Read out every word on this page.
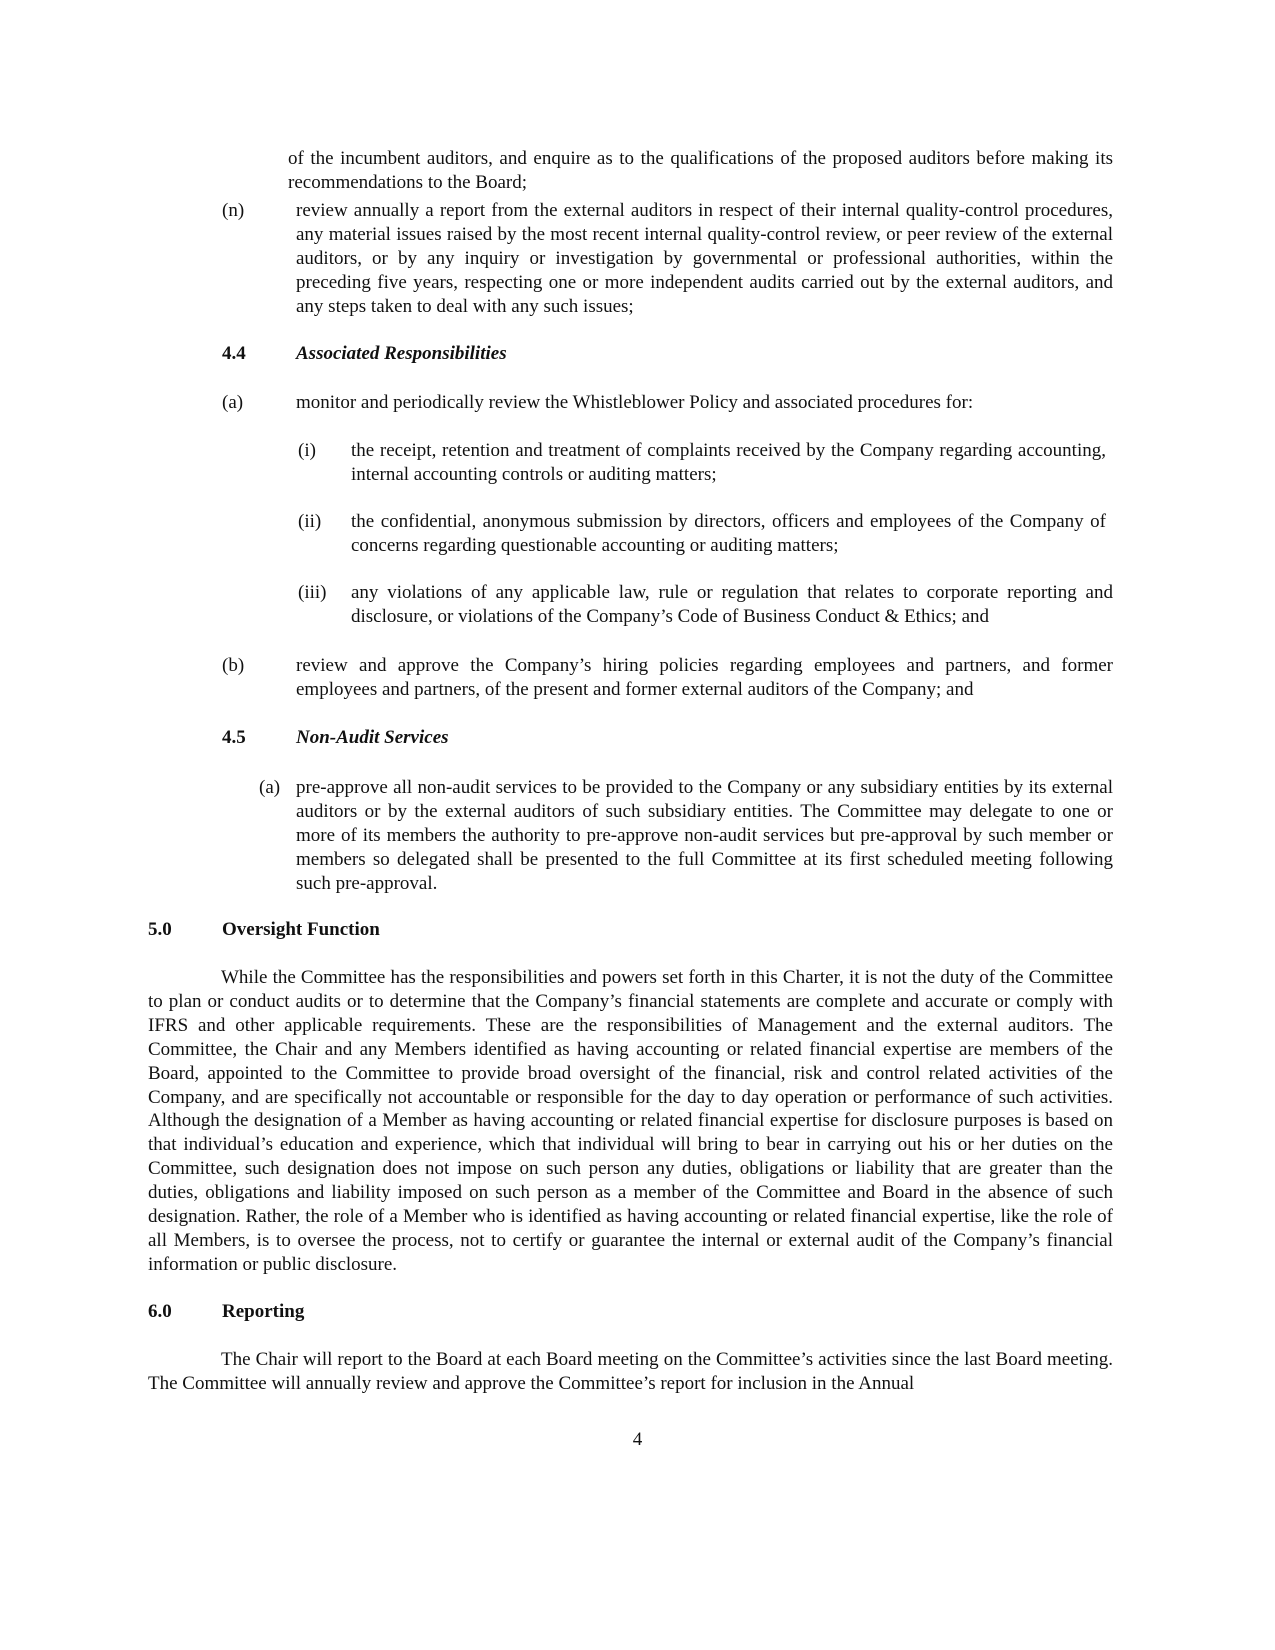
of the incumbent auditors, and enquire as to the qualifications of the proposed auditors before making its recommendations to the Board;
(n)	review annually a report from the external auditors in respect of their internal quality-control procedures, any material issues raised by the most recent internal quality-control review, or peer review of the external auditors, or by any inquiry or investigation by governmental or professional authorities, within the preceding five years, respecting one or more independent audits carried out by the external auditors, and any steps taken to deal with any such issues;
4.4	Associated Responsibilities
(a)	monitor and periodically review the Whistleblower Policy and associated procedures for:
(i) the receipt, retention and treatment of complaints received by the Company regarding accounting, internal accounting controls or auditing matters;
(ii) the confidential, anonymous submission by directors, officers and employees of the Company of concerns regarding questionable accounting or auditing matters;
(iii) any violations of any applicable law, rule or regulation that relates to corporate reporting and disclosure, or violations of the Company’s Code of Business Conduct & Ethics; and
(b)	review and approve the Company’s hiring policies regarding employees and partners, and former employees and partners, of the present and former external auditors of the Company; and
4.5	Non-Audit Services
(a) pre-approve all non-audit services to be provided to the Company or any subsidiary entities by its external auditors or by the external auditors of such subsidiary entities. The Committee may delegate to one or more of its members the authority to pre-approve non-audit services but pre-approval by such member or members so delegated shall be presented to the full Committee at its first scheduled meeting following such pre-approval.
5.0	Oversight Function
While the Committee has the responsibilities and powers set forth in this Charter, it is not the duty of the Committee to plan or conduct audits or to determine that the Company’s financial statements are complete and accurate or comply with IFRS and other applicable requirements. These are the responsibilities of Management and the external auditors. The Committee, the Chair and any Members identified as having accounting or related financial expertise are members of the Board, appointed to the Committee to provide broad oversight of the financial, risk and control related activities of the Company, and are specifically not accountable or responsible for the day to day operation or performance of such activities. Although the designation of a Member as having accounting or related financial expertise for disclosure purposes is based on that individual’s education and experience, which that individual will bring to bear in carrying out his or her duties on the Committee, such designation does not impose on such person any duties, obligations or liability that are greater than the duties, obligations and liability imposed on such person as a member of the Committee and Board in the absence of such designation. Rather, the role of a Member who is identified as having accounting or related financial expertise, like the role of all Members, is to oversee the process, not to certify or guarantee the internal or external audit of the Company’s financial information or public disclosure.
6.0	Reporting
The Chair will report to the Board at each Board meeting on the Committee’s activities since the last Board meeting. The Committee will annually review and approve the Committee’s report for inclusion in the Annual
4
